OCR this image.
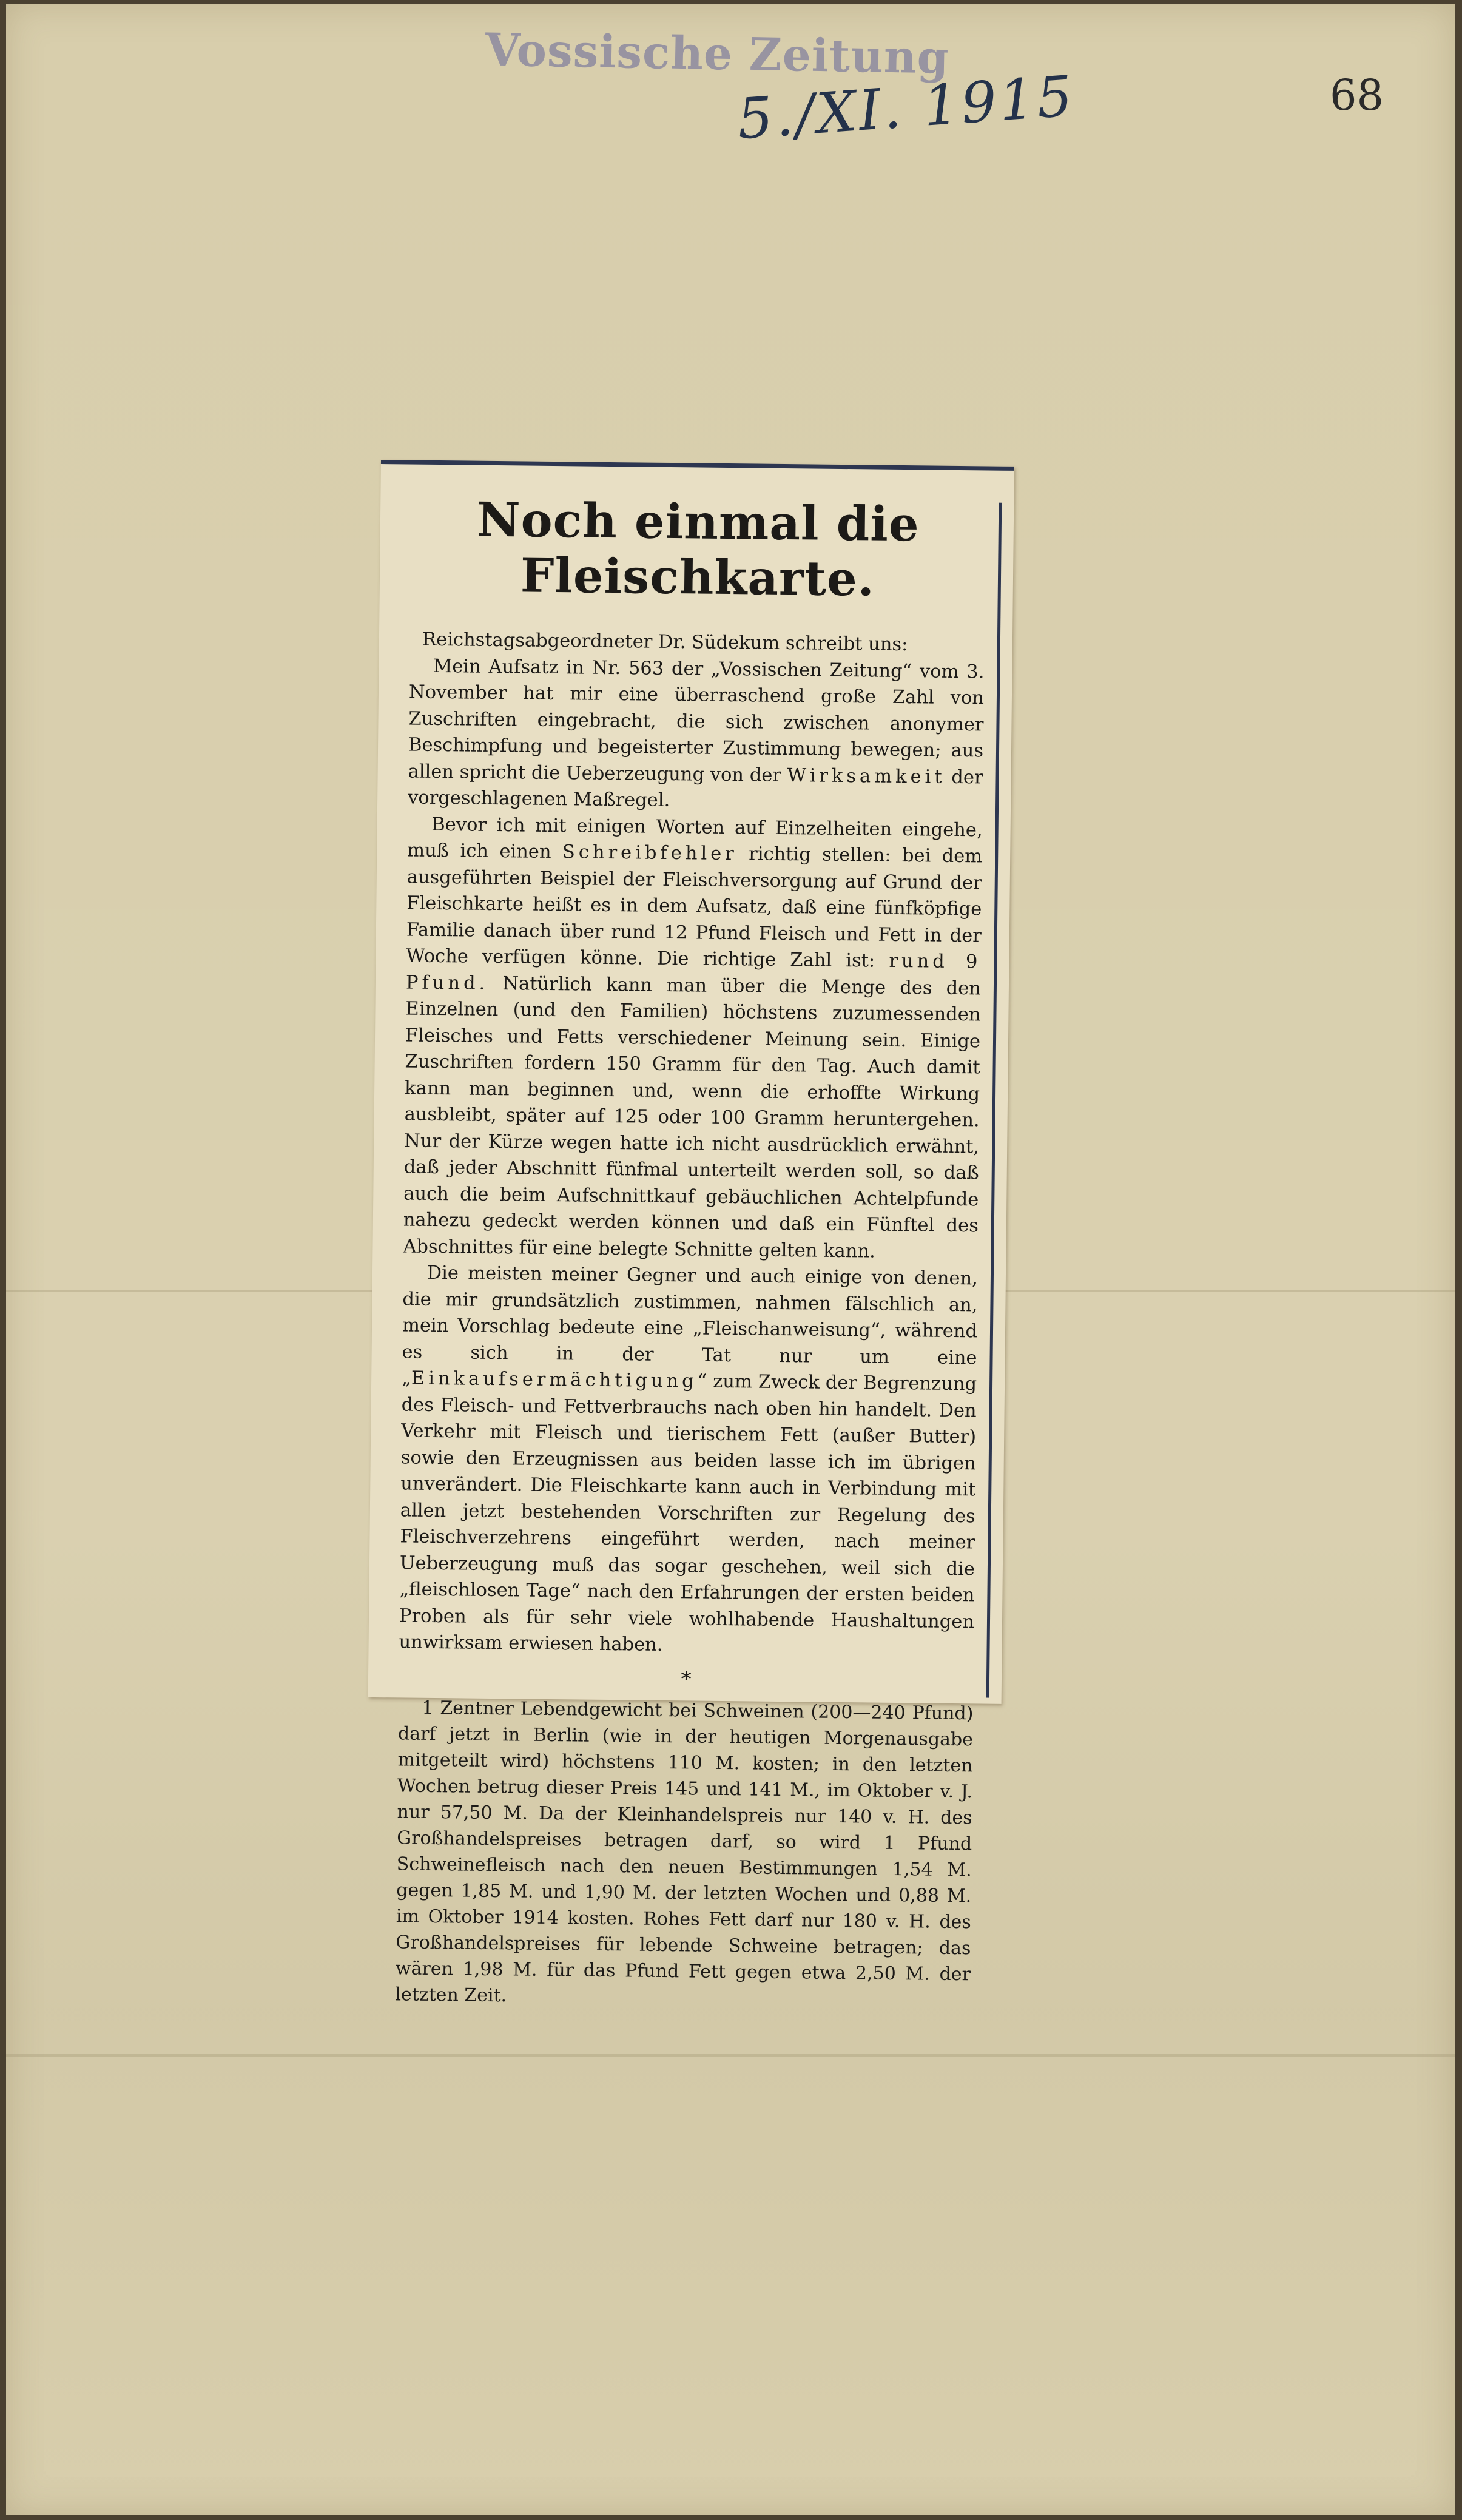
Vossische Zeitung
5./XI. 1915	68
Noch einmal die Fleischkarte.

Reichstagsabgeordneter Dr. Südekum schreibt uns:

Mein Aufsatz in Nr. 563 der „Vossischen Zeitung“ vom 3. November hat mir eine überraschend große Zahl von Zuschriften eingebracht, die sich zwischen anonymer Beschimpfung und begeisterter Zustimmung bewegen; aus allen spricht die Ueberzeugung von der Wirksamkeit der vorgeschlagenen Maßregel.

Bevor ich mit einigen Worten auf Einzelheiten eingehe, muß ich einen Schreibfehler richtig stellen: bei dem ausgeführten Beispiel der Fleischversorgung auf Grund der Fleischkarte heißt es in dem Aufsatz, daß eine fünfköpfige Familie danach über rund 12 Pfund Fleisch und Fett in der Woche verfügen könne. Die richtige Zahl ist: rund 9 Pfund. Natürlich kann man über die Menge des den Einzelnen (und den Familien) höchstens zuzumessenden Fleisches und Fetts verschiedener Meinung sein. Einige Zuschriften fordern 150 Gramm für den Tag. Auch damit kann man beginnen und, wenn die erhoffte Wirkung ausbleibt, später auf 125 oder 100 Gramm heruntergehen. Nur der Kürze wegen hatte ich nicht ausdrücklich erwähnt, daß jeder Abschnitt fünfmal unterteilt werden soll, so daß auch die beim Aufschnittkauf gebäuchlichen Achtelpfunde nahezu gedeckt werden können und daß ein Fünftel des Abschnittes für eine belegte Schnitte gelten kann.

Die meisten meiner Gegner und auch einige von denen, die mir grundsätzlich zustimmen, nahmen fälschlich an, mein Vorschlag bedeute eine „Fleischanweisung“, während es sich in der Tat nur um eine „Einkaufsermächtigung“ zum Zweck der Begrenzung des Fleisch- und Fettverbrauchs nach oben hin handelt. Den Verkehr mit Fleisch und tierischem Fett (außer Butter) sowie den Erzeugnissen aus beiden lasse ich im übrigen unverändert. Die Fleischkarte kann auch in Verbindung mit allen jetzt bestehenden Vorschriften zur Regelung des Fleischverzehrens eingeführt werden, nach meiner Ueberzeugung muß das sogar geschehen, weil sich die „fleischlosen Tage“ nach den Erfahrungen der ersten beiden Proben als für sehr viele wohlhabende Haushaltungen unwirksam erwiesen haben.

*

1 Zentner Lebendgewicht bei Schweinen (200—240 Pfund) darf jetzt in Berlin (wie in der heutigen Morgenausgabe mitgeteilt wird) höchstens 110 M. kosten; in den letzten Wochen betrug dieser Preis 145 und 141 M., im Oktober v. J. nur 57,50 M. Da der Kleinhandelspreis nur 140 v. H. des Großhandelspreises betragen darf, so wird 1 Pfund Schweinefleisch nach den neuen Bestimmungen 1,54 M. gegen 1,85 M. und 1,90 M. der letzten Wochen und 0,88 M. im Oktober 1914 kosten. Rohes Fett darf nur 180 v. H. des Großhandelspreises für lebende Schweine betragen; das wären 1,98 M. für das Pfund Fett gegen etwa 2,50 M. der letzten Zeit.
